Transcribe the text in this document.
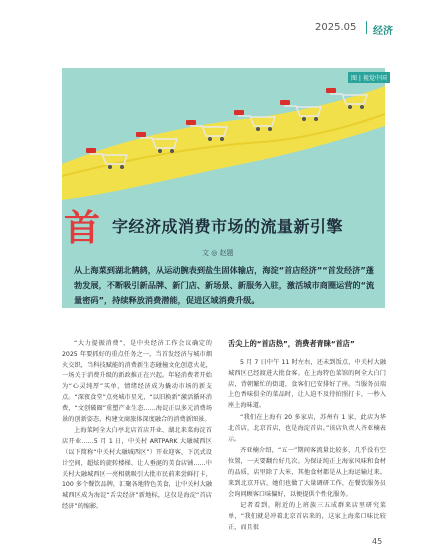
2025.05 经济
图 | 视觉中国
首 字经济成消费市场的流量新引擎
文 ◎ 赵题
从上海菜到湖北鹤鸫，从运动腕表到盐生固体输店，海淀“首店经济”“首发经济”蓬勃发展，不断吸引新品牌、新门店、新场景、新服务入驻，激活城市商圈运营的“流量密码”，持续释放消费潜能，促进区域消费升级。

“大力提振消费”，是中央经济工作会议确定的 2025 年要抓好的重点任务之一。当首发经济与城市烟火交织，当科技赋能的消费新生态碰撞文化创意火花，一场关于消费升级的新政推正在兴起。年轻消费者开始为“心灵纯厚”买单，情绪经济成为撬动市场的新支点。“深夜食堂”点亮城市星光，“以旧换新”激活循环消费，“文创破圈”重塑产业生态……海淀正以多元消费场景的创新姿态，构建文商旅体深度融合的消费新图景。

上海菜阿全大白亭北店首店开业、湖北来菜海淀首店开业……5 月 1 日，中关村 ARTPARK 大融城西区（以下简称“中关村大融城西区”）开业迎客，下沉式设计空间，超炫的旋转楼梯、让人垂涎的美食店铺……中关村大融城西区一亮相就吸引大批市民前来尝鲜打卡，100 多个餐饮品牌，汇聚各地特色美食，让中关村大融城西区成为海淀“舌尖经济”新地标，这仅是海淀“首店经济”的缩影。

舌尖上的“首店热”，消费者青睐“首店”

5 月 7 日中午 11 时左右，还未到饭点，中关村大融城西区已经渡进大批食客。在上海特色菜馆的阿全大白门店，背朝繁忙的街道，食客们已安排好了座。当服务员端上色香味俱全的菜品时，让人迫不及待拍照打卡，一秒入座上海味道。

“我们在上海有 20 多家店，苏州有 1 家，此店为华北首店，北京首店，也是海淀首店。”该店负责人齐亚楠表示。

齐亚楠介绍，“五一”期间客流量比较多，几乎没有空位置，一天要翻台好几次。为保证纯正上海家风味和食材的品质，店里除了大米，其他食材都是从上海运输过来。来到北京开店，她们也做了大量调研工作，在餐饮服务员会询问顾客口味偏好，以便提供个性化服务。

记者看到，附近的上班族三五成群来店里研究菜单，“我们就是冲着北京首店来的，这家上海菜口味比较正，而且很

45
